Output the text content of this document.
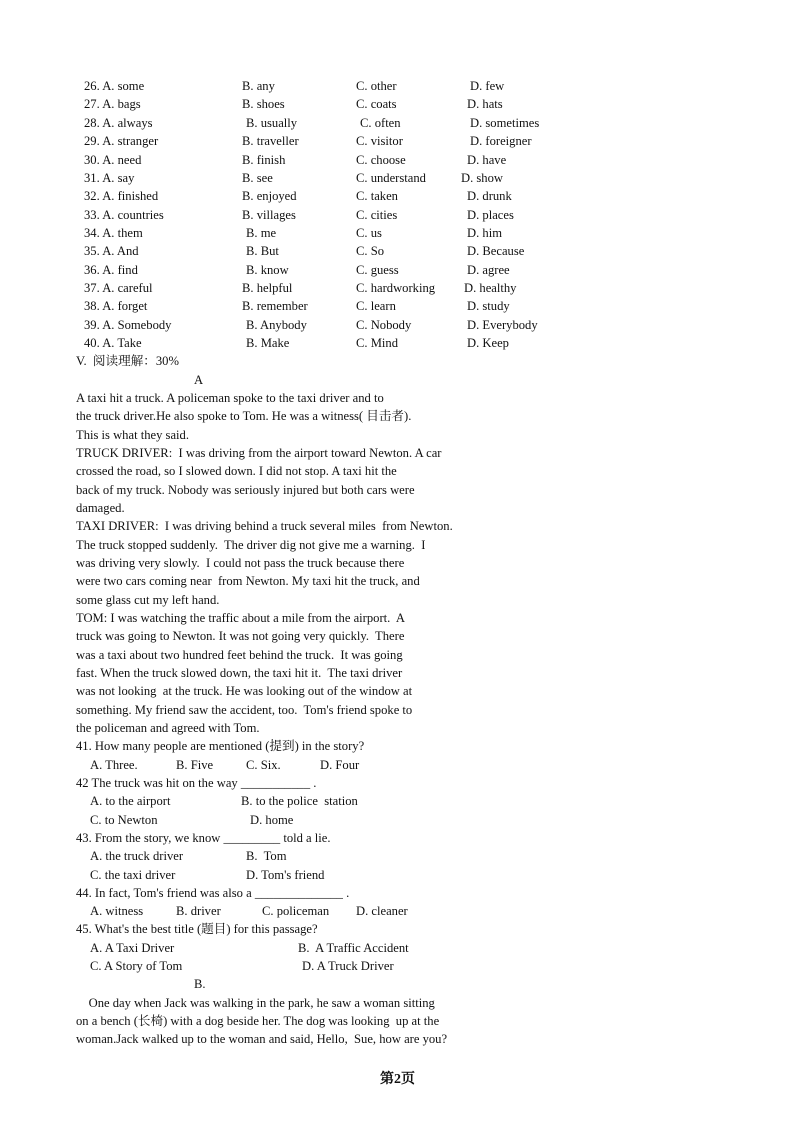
26. A. some	B. any	C. other	D. few
27. A. bags	B. shoes	C. coats	D. hats
28. A. always	B. usually	C. often	D. sometimes
29. A. stranger	B. traveller	C. visitor	D. foreigner
30. A. need	B. finish	C. choose	D. have
31. A. say	B. see	C. understand	D. show
32. A. finished	B. enjoyed	C. taken	D. drunk
33. A. countries	B. villages	C. cities	D. places
34. A. them	B. me	C. us	D. him
35. A. And	B. But	C. So	D. Because
36. A. find	B. know	C. guess	D. agree
37. A. careful	B. helpful	C. hardworking D. healthy
38. A. forget	B. remember	C. learn	D. study
39. A. Somebody	B. Anybody	C. Nobody	D. Everybody
40. A. Take	B. Make	C. Mind	D. Keep
V.  阅读理解：30%
A
A taxi hit a truck. A policeman spoke to the taxi driver and to
the truck driver.He also spoke to Tom. He was a witness( 目击者).
This is what they said.
TRUCK DRIVER:  I was driving from the airport toward Newton. A car
crossed the road, so I slowed down. I did not stop. A taxi hit the
back of my truck. Nobody was seriously injured but both cars were
damaged.
TAXI DRIVER:  I was driving behind a truck several miles  from Newton.
The truck stopped suddenly.  The driver dig not give me a warning.  I
was driving very slowly.  I could not pass the truck because there
were two cars coming near  from Newton. My taxi hit the truck, and
some glass cut my left hand.
TOM: I was watching the traffic about a mile from the airport.  A
truck was going to Newton. It was not going very quickly.  There
was a taxi about two hundred feet behind the truck.  It was going
fast. When the truck slowed down, the taxi hit it.  The taxi driver
was not looking  at the truck. He was looking out of the window at
something. My friend saw the accident, too.  Tom's friend spoke to
the policeman and agreed with Tom.
41. How many people are mentioned (提到) in the story?
A. Three.	B. Five	C. Six.	D. Four
42 The truck was hit on the way ___________ .
A. to the airport	B. to the police  station
C. to Newton	D. home
43. From the story, we know _________ told a lie.
A. the truck driver	B.  Tom
C. the taxi driver	D. Tom's friend
44. In fact, Tom's friend was also a ______________ .
A. witness	B. driver	C. policeman D. cleaner
45. What's the best title (题目) for this passage?
A. A Taxi Driver	B.  A Traffic Accident
C. A Story of Tom	D. A Truck Driver
B.
One day when Jack was walking in the park, he saw a woman sitting
on a bench (长椅) with a dog beside her. The dog was looking  up at the
woman.Jack walked up to the woman and said, Hello,  Sue, how are you?
第2页
